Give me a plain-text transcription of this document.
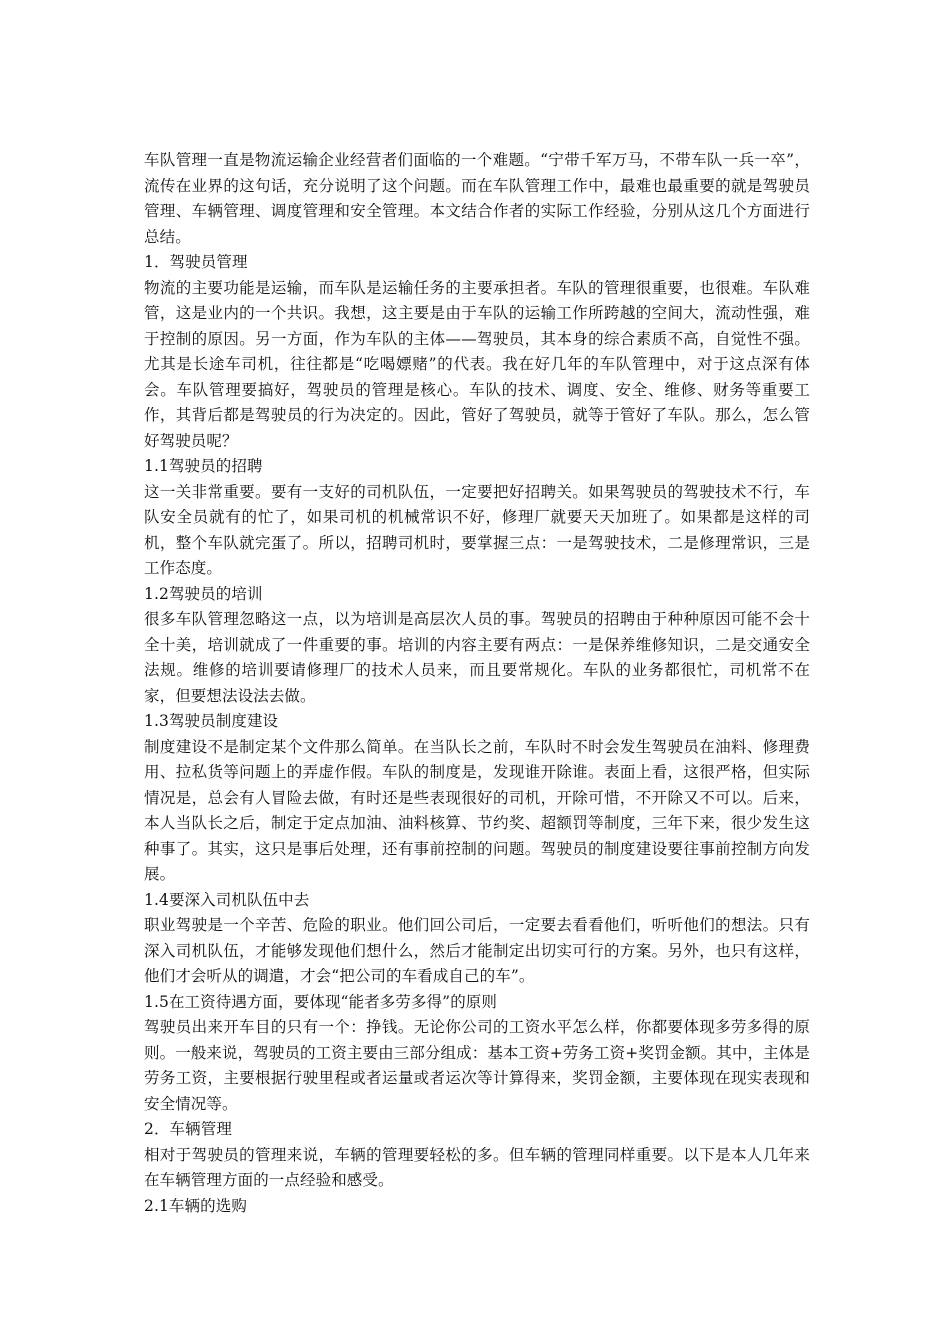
车队管理一直是物流运输企业经营者们面临的一个难题。“宁带千军万马，不带车队一兵一卒”，流传在业界的这句话，充分说明了这个问题。而在车队管理工作中，最难也最重要的就是驾驶员管理、车辆管理、调度管理和安全管理。本文结合作者的实际工作经验，分别从这几个方面进行总结。

1．驾驶员管理

物流的主要功能是运输，而车队是运输任务的主要承担者。车队的管理很重要，也很难。车队难管，这是业内的一个共识。我想，这主要是由于车队的运输工作所跨越的空间大，流动性强，难于控制的原因。另一方面，作为车队的主体——驾驶员，其本身的综合素质不高，自觉性不强。尤其是长途车司机，往往都是“吃喝嫖赌”的代表。我在好几年的车队管理中，对于这点深有体会。车队管理要搞好，驾驶员的管理是核心。车队的技术、调度、安全、维修、财务等重要工作，其背后都是驾驶员的行为决定的。因此，管好了驾驶员，就等于管好了车队。那么，怎么管好驾驶员呢？

1.1驾驶员的招聘

这一关非常重要。要有一支好的司机队伍，一定要把好招聘关。如果驾驶员的驾驶技术不行，车队安全员就有的忙了，如果司机的机械常识不好，修理厂就要天天加班了。如果都是这样的司机，整个车队就完蛋了。所以，招聘司机时，要掌握三点：一是驾驶技术，二是修理常识，三是工作态度。

1.2驾驶员的培训

很多车队管理忽略这一点，以为培训是高层次人员的事。驾驶员的招聘由于种种原因可能不会十全十美，培训就成了一件重要的事。培训的内容主要有两点：一是保养维修知识，二是交通安全法规。维修的培训要请修理厂的技术人员来，而且要常规化。车队的业务都很忙，司机常不在家，但要想法设法去做。

1.3驾驶员制度建设

制度建设不是制定某个文件那么简单。在当队长之前，车队时不时会发生驾驶员在油料、修理费用、拉私货等问题上的弄虚作假。车队的制度是，发现谁开除谁。表面上看，这很严格，但实际情况是，总会有人冒险去做，有时还是些表现很好的司机，开除可惜，不开除又不可以。后来，本人当队长之后，制定于定点加油、油料核算、节约奖、超额罚等制度，三年下来，很少发生这种事了。其实，这只是事后处理，还有事前控制的问题。驾驶员的制度建设要往事前控制方向发展。

1.4要深入司机队伍中去

职业驾驶是一个辛苦、危险的职业。他们回公司后，一定要去看看他们，听听他们的想法。只有深入司机队伍，才能够发现他们想什么，然后才能制定出切实可行的方案。另外，也只有这样，他们才会听从的调遣，才会“把公司的车看成自己的车”。

1.5在工资待遇方面，要体现“能者多劳多得”的原则

驾驶员出来开车目的只有一个：挣钱。无论你公司的工资水平怎么样，你都要体现多劳多得的原则。一般来说，驾驶员的工资主要由三部分组成：基本工资+劳务工资+奖罚金额。其中，主体是劳务工资，主要根据行驶里程或者运量或者运次等计算得来，奖罚金额，主要体现在现实表现和安全情况等。

2．车辆管理

相对于驾驶员的管理来说，车辆的管理要轻松的多。但车辆的管理同样重要。以下是本人几年来在车辆管理方面的一点经验和感受。

2.1车辆的选购
